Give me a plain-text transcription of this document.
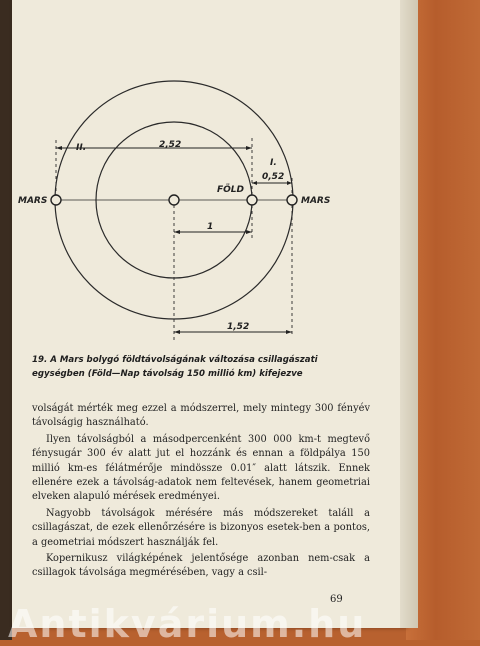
MARS	MARS
FÖLD
II.
I.
2,52
0,52
1
1,52
19. A Mars bolygó földtávolságának változása csillagászati egységben (Föld—Nap távolság 150 millió km) kifejezve

volságát mérték meg ezzel a módszerrel, mely mintegy 300 fényév távolságig használható.

Ilyen távolságból a másodpercenként 300 000 km-t megtevő fénysugár 300 év alatt jut el hozzánk és ennan a földpálya 150 millió km-es félátmérője mindössze 0.01″ alatt látszik. Ennek ellenére ezek a távolság-adatok nem feltevések, hanem geometriai elveken alapuló mérések eredményei.

Nagyobb távolságok mérésére más módszereket találl a csillagászat, de ezek ellenőrzésére is bizonyos esetek-ben a pontos, a geometriai módszert használják fel.

Kopernikusz világképének jelentősége azonban nem-csak a csillagok távolsága megmérésében, vagy a csil-

69
Antikvárium.hu
